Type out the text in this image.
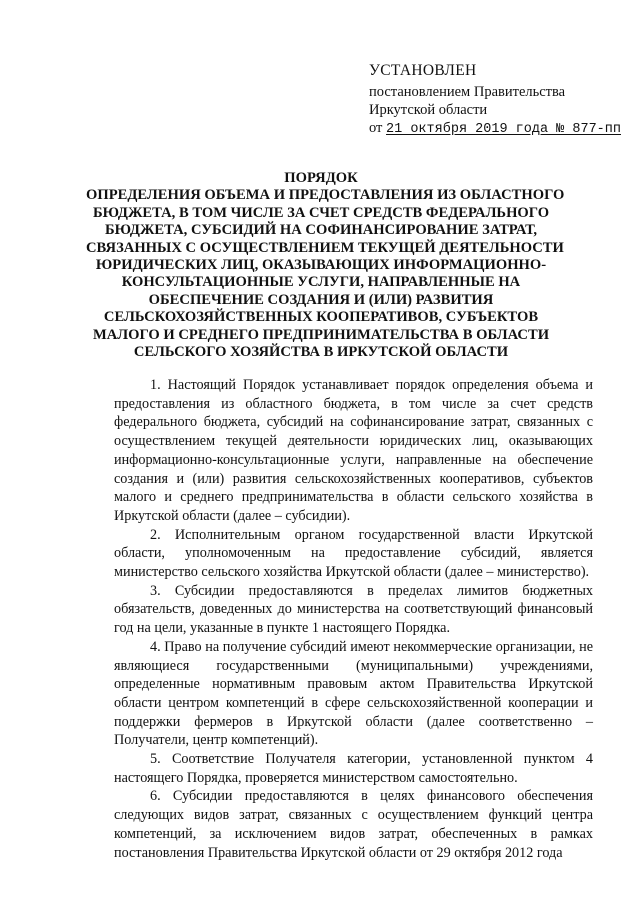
УСТАНОВЛЕН
постановлением Правительства
Иркутской области
от 21 октября 2019 года № 877-пп
ПОРЯДОК
ОПРЕДЕЛЕНИЯ ОБЪЕМА И ПРЕДОСТАВЛЕНИЯ ИЗ ОБЛАСТНОГО
БЮДЖЕТА, В ТОМ ЧИСЛЕ ЗА СЧЕТ СРЕДСТВ ФЕДЕРАЛЬНОГО
БЮДЖЕТА, СУБСИДИЙ НА СОФИНАНСИРОВАНИЕ ЗАТРАТ,
СВЯЗАННЫХ С ОСУЩЕСТВЛЕНИЕМ ТЕКУЩЕЙ ДЕЯТЕЛЬНОСТИ
ЮРИДИЧЕСКИХ ЛИЦ, ОКАЗЫВАЮЩИХ ИНФОРМАЦИОННО-
КОНСУЛЬТАЦИОННЫЕ УСЛУГИ, НАПРАВЛЕННЫЕ НА
ОБЕСПЕЧЕНИЕ СОЗДАНИЯ И (ИЛИ) РАЗВИТИЯ
СЕЛЬСКОХОЗЯЙСТВЕННЫХ КООПЕРАТИВОВ, СУБЪЕКТОВ
МАЛОГО И СРЕДНЕГО ПРЕДПРИНИМАТЕЛЬСТВА В ОБЛАСТИ
СЕЛЬСКОГО ХОЗЯЙСТВА В ИРКУТСКОЙ ОБЛАСТИ

1. Настоящий Порядок устанавливает порядок определения объема и предоставления из областного бюджета, в том числе за счет средств федерального бюджета, субсидий на софинансирование затрат, связанных с осуществлением текущей деятельности юридических лиц, оказывающих информационно-консультационные услуги, направленные на обеспечение создания и (или) развития сельскохозяйственных кооперативов, субъектов малого и среднего предпринимательства в области сельского хозяйства в Иркутской области (далее – субсидии).

2. Исполнительным органом государственной власти Иркутской области, уполномоченным на предоставление субсидий, является министерство сельского хозяйства Иркутской области (далее – министерство).

3. Субсидии предоставляются в пределах лимитов бюджетных обязательств, доведенных до министерства на соответствующий финансовый год на цели, указанные в пункте 1 настоящего Порядка.

4. Право на получение субсидий имеют некоммерческие организации, не являющиеся государственными (муниципальными) учреждениями, определенные нормативным правовым актом Правительства Иркутской области центром компетенций в сфере сельскохозяйственной кооперации и поддержки фермеров в Иркутской области (далее соответственно – Получатели, центр компетенций).

5. Соответствие Получателя категории, установленной пунктом 4 настоящего Порядка, проверяется министерством самостоятельно.

6. Субсидии предоставляются в целях финансового обеспечения следующих видов затрат, связанных с осуществлением функций центра компетенций, за исключением видов затрат, обеспеченных в рамках постановления Правительства Иркутской области от 29 октября 2012 года
